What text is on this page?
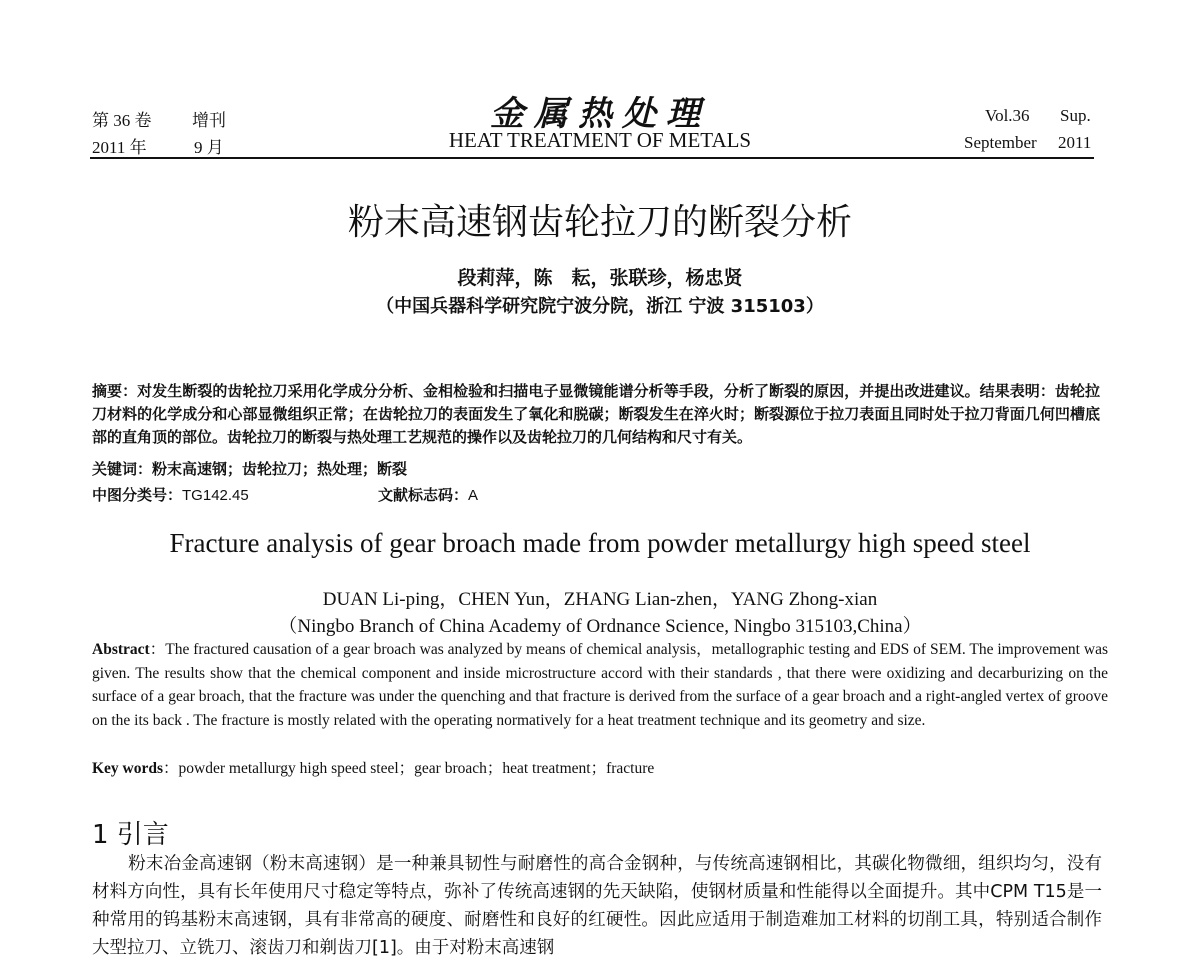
第 36 卷 增刊
2011 年	9 月
金属热处理
HEAT TREATMENT OF METALS
Vol.36 Sup.
September 2011
粉末高速钢齿轮拉刀的断裂分析
段莉萍，陈　耘，张联珍，杨忠贤
（中国兵器科学研究院宁波分院，浙江 宁波 315103）
摘要：对发生断裂的齿轮拉刀采用化学成分分析、金相检验和扫描电子显微镜能谱分析等手段，分析了断裂的原因，并提出改进建议。结果表明：齿轮拉刀材料的化学成分和心部显微组织正常；在齿轮拉刀的表面发生了氧化和脱碳；断裂发生在淬火时；断裂源位于拉刀表面且同时处于拉刀背面几何凹槽底部的直角顶的部位。齿轮拉刀的断裂与热处理工艺规范的操作以及齿轮拉刀的几何结构和尺寸有关。
关键词：粉末高速钢；齿轮拉刀；热处理；断裂
中图分类号：TG142.45	文献标志码：A
Fracture analysis of gear broach made from powder metallurgy high speed steel
DUAN Li-ping，CHEN Yun，ZHANG Lian-zhen，YANG Zhong-xian
（Ningbo Branch of China Academy of Ordnance Science, Ningbo 315103,China）
Abstract：The fractured causation of a gear broach was analyzed by means of chemical analysis，metallographic testing and EDS of SEM. The improvement was given. The results show that the chemical component and inside microstructure accord with their standards , that there were oxidizing and decarburizing on the surface of a gear broach, that the fracture was under the quenching and that fracture is derived from the surface of a gear broach and a right-angled vertex of groove on the its back . The fracture is mostly related with the operating normatively for a heat treatment technique and its geometry and size.
Key words：powder metallurgy high speed steel；gear broach；heat treatment；fracture
1 引言
粉末冶金高速钢（粉末高速钢）是一种兼具韧性与耐磨性的高合金钢种，与传统高速钢相比，其碳化物微细，组织均匀，没有材料方向性，具有长年使用尺寸稳定等特点，弥补了传统高速钢的先天缺陷，使钢材质量和性能得以全面提升。其中CPM T15是一种常用的钨基粉末高速钢，具有非常高的硬度、耐磨性和良好的红硬性。因此应适用于制造难加工材料的切削工具，特别适合制作大型拉刀、立铣刀、滚齿刀和剃齿刀[1]。由于对粉末高速钢
